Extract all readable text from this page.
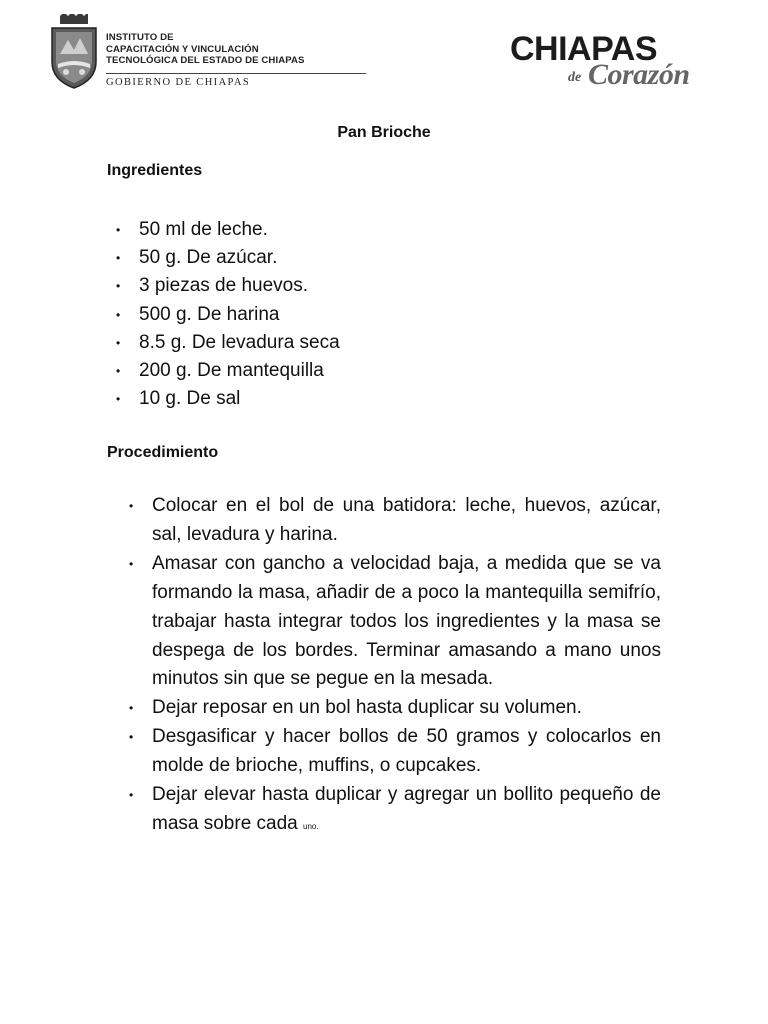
INSTITUTO DE
CAPACITACIÓN Y VINCULACIÓN
TECNOLÓGICA DEL ESTADO DE CHIAPAS
GOBIERNO DE CHIAPAS
CHIAPAS
de Corazón
Pan Brioche
Ingredientes
• 50 ml de leche.
• 50 g. De azúcar.
• 3 piezas de huevos.
• 500 g. De harina
• 8.5 g. De levadura seca
• 200 g. De mantequilla
• 10 g. De sal
Procedimiento
• Colocar en el bol de una batidora: leche, huevos, azúcar, sal, levadura y harina.
• Amasar con gancho a velocidad baja, a medida que se va formando la masa, añadir de a poco la mantequilla semifrío, trabajar hasta integrar todos los ingredientes y la masa se despega de los bordes. Terminar amasando a mano unos minutos sin que se pegue en la mesada.
• Dejar reposar en un bol hasta duplicar su volumen.
• Desgasificar y hacer bollos de 50 gramos y colocarlos en molde de brioche, muffins, o cupcakes.
• Dejar elevar hasta duplicar y agregar un bollito pequeño de masa sobre cada uno.
